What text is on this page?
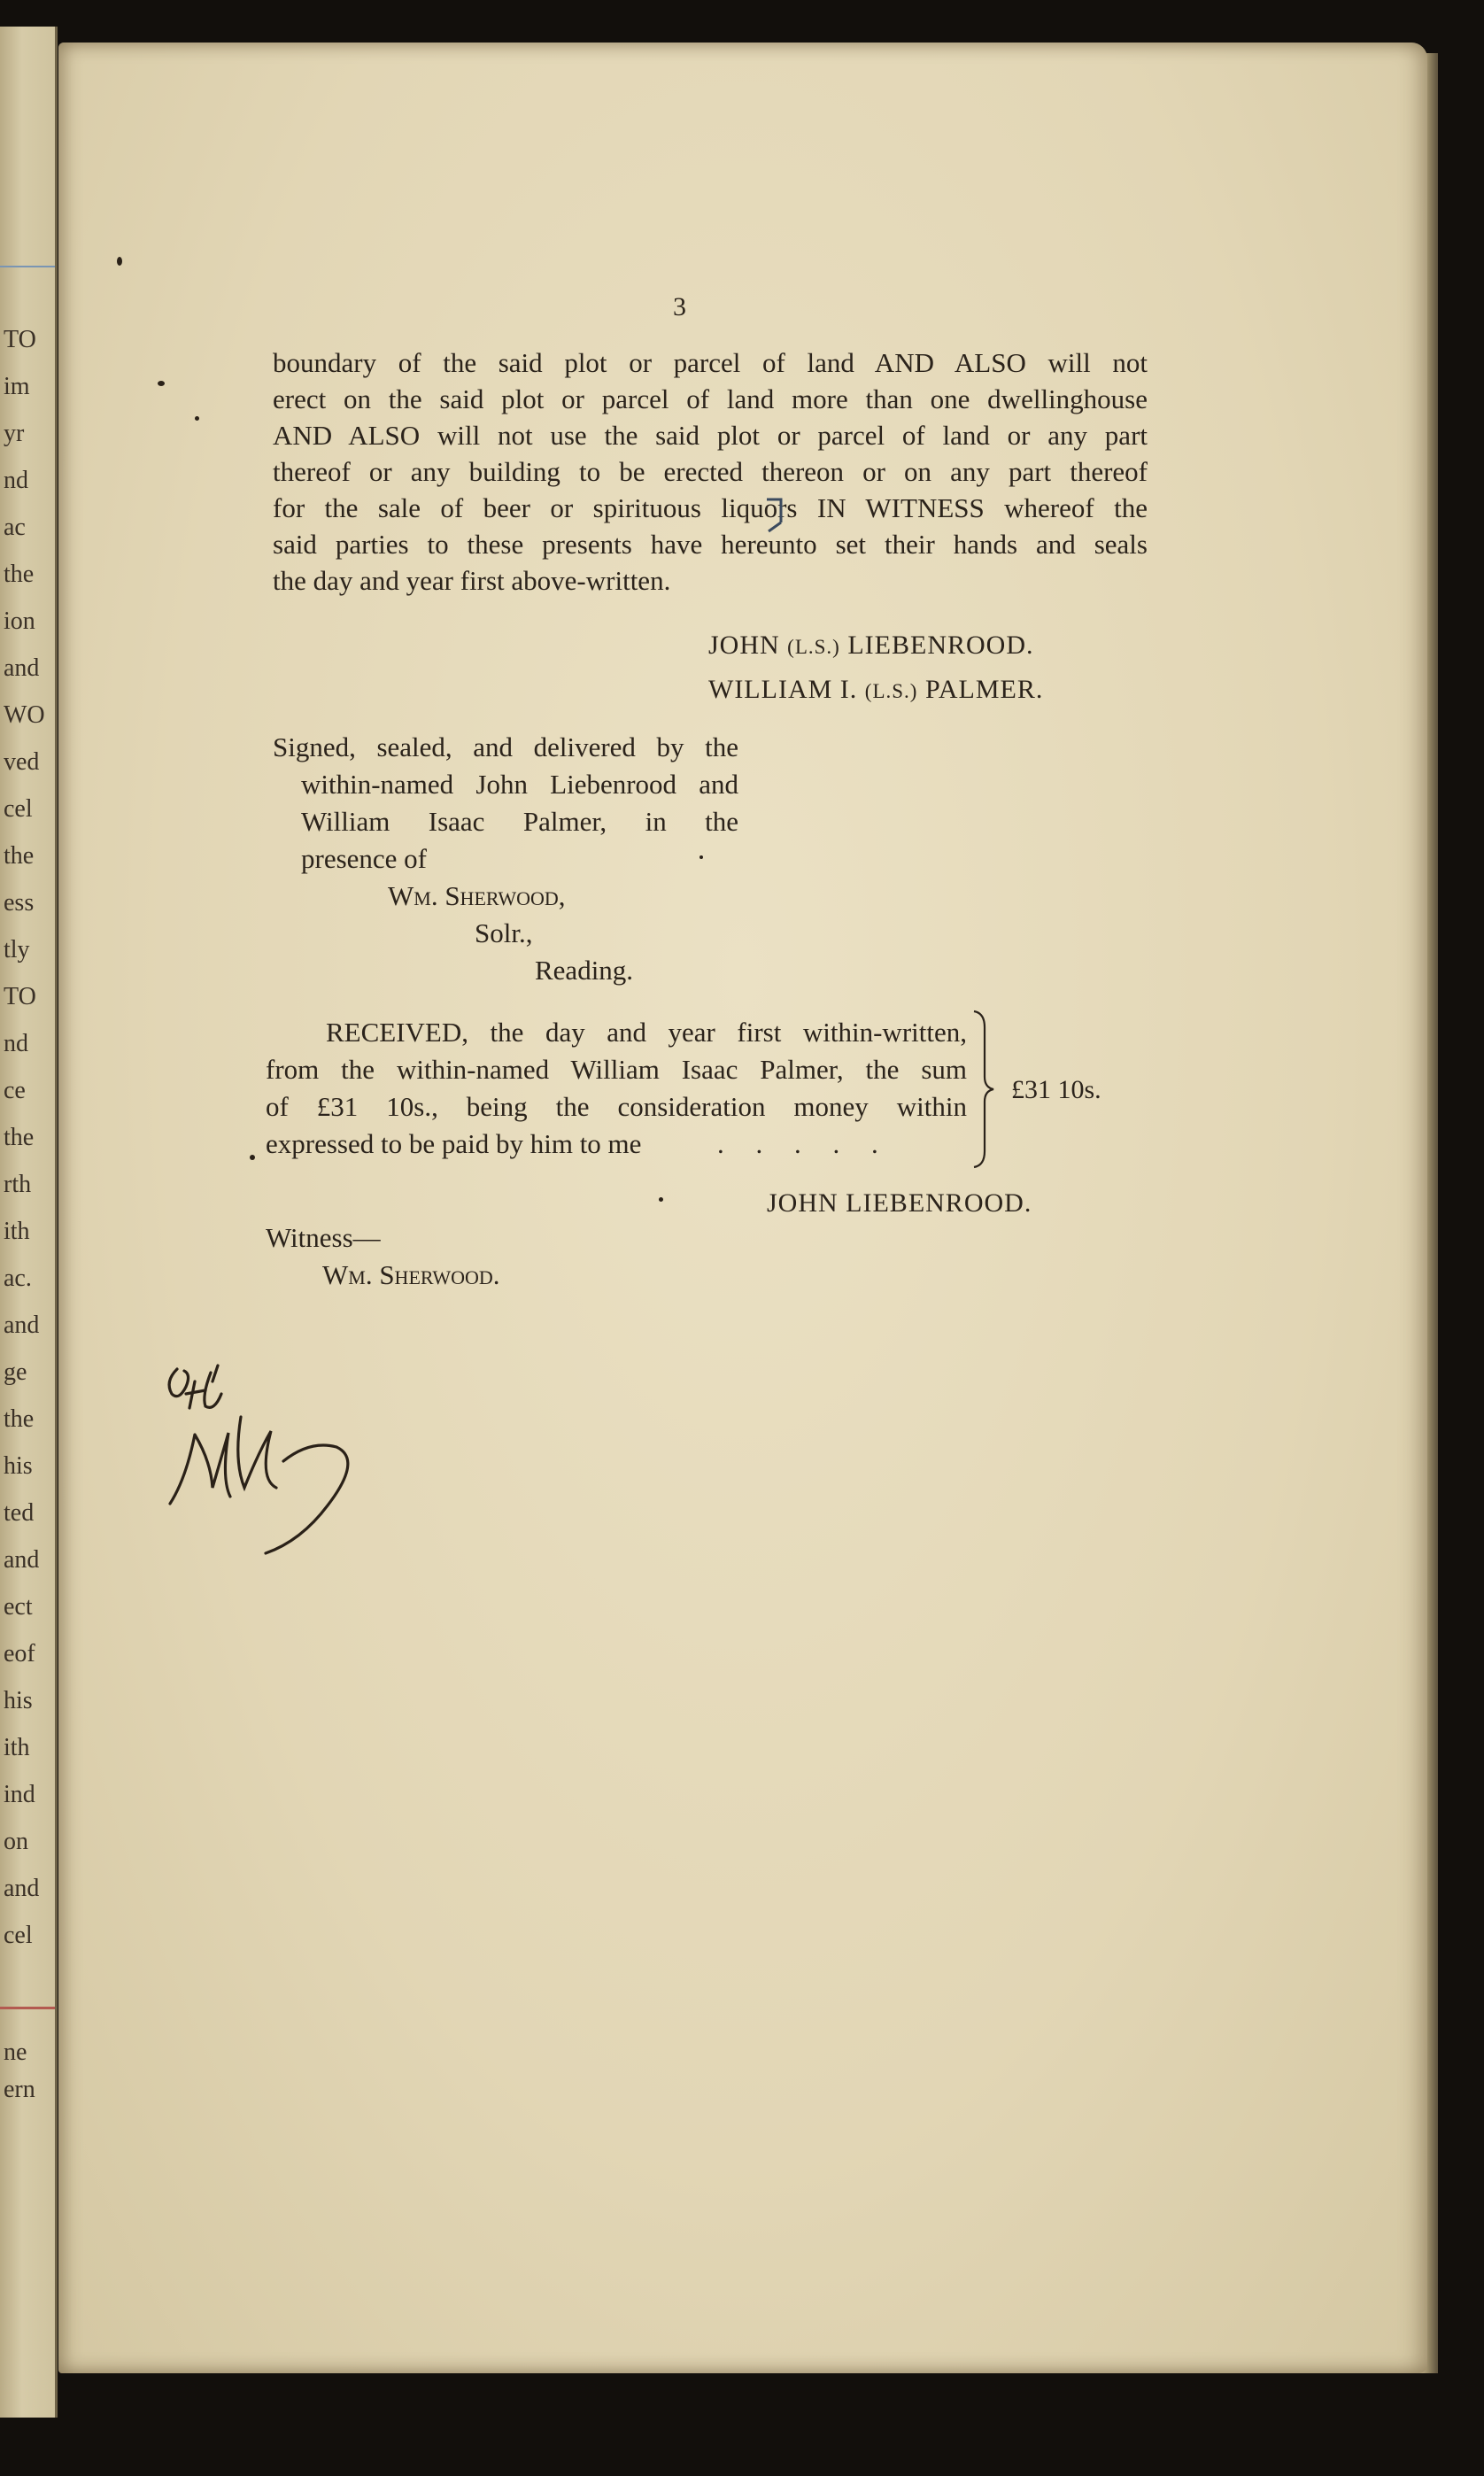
TO
im
yr
nd
ac
the
ion
and
WO
ved
cel
the
ess
tly
TO
nd
ce
the
rth
ith
ac.
and
ge
the
his
ted
and
ect
eof
his
ith
ind
on
and
cel
ne
ern
3
boundary of the said plot or parcel of land AND ALSO will not
erect on the said plot or parcel of land more than one dwellinghouse
AND ALSO will not use the said plot or parcel of land or any part
thereof or any building to be erected thereon or on any part thereof
for the sale of beer or spirituous liquors IN WITNESS whereof the
said parties to these presents have hereunto set their hands and seals
the day and year first above-written.
JOHN (L.S.) LIEBENROOD.
WILLIAM I. (L.S.) PALMER.
Signed, sealed, and delivered by the
within-named John Liebenrood and
William Isaac Palmer, in the
presence of
Wm. Sherwood,
Solr.,
Reading.
RECEIVED, the day and year first within-written,
from the within-named William Isaac Palmer, the sum
of £31 10s., being the consideration money within
expressed to be paid by him to me	. . . . .
£31 10s.
JOHN LIEBENROOD.
Witness—
Wm. Sherwood.
